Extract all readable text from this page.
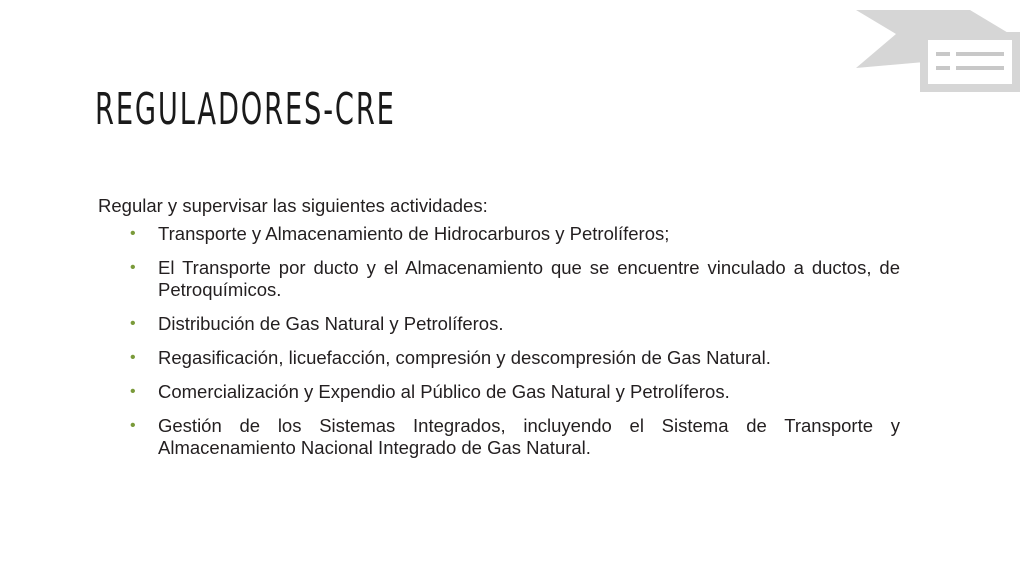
REGULADORES-CRE

Regular y supervisar las siguientes actividades:

• Transporte y Almacenamiento de Hidrocarburos y Petrolíferos;
• El Transporte por ducto y el Almacenamiento que se encuentre vinculado a ductos, de Petroquímicos.
• Distribución de Gas Natural y Petrolíferos.
• Regasificación, licuefacción, compresión y descompresión de Gas Natural.
• Comercialización y Expendio al Público de Gas Natural y Petrolíferos.
• Gestión de los Sistemas Integrados, incluyendo el Sistema de Transporte y Almacenamiento Nacional Integrado de Gas Natural.
